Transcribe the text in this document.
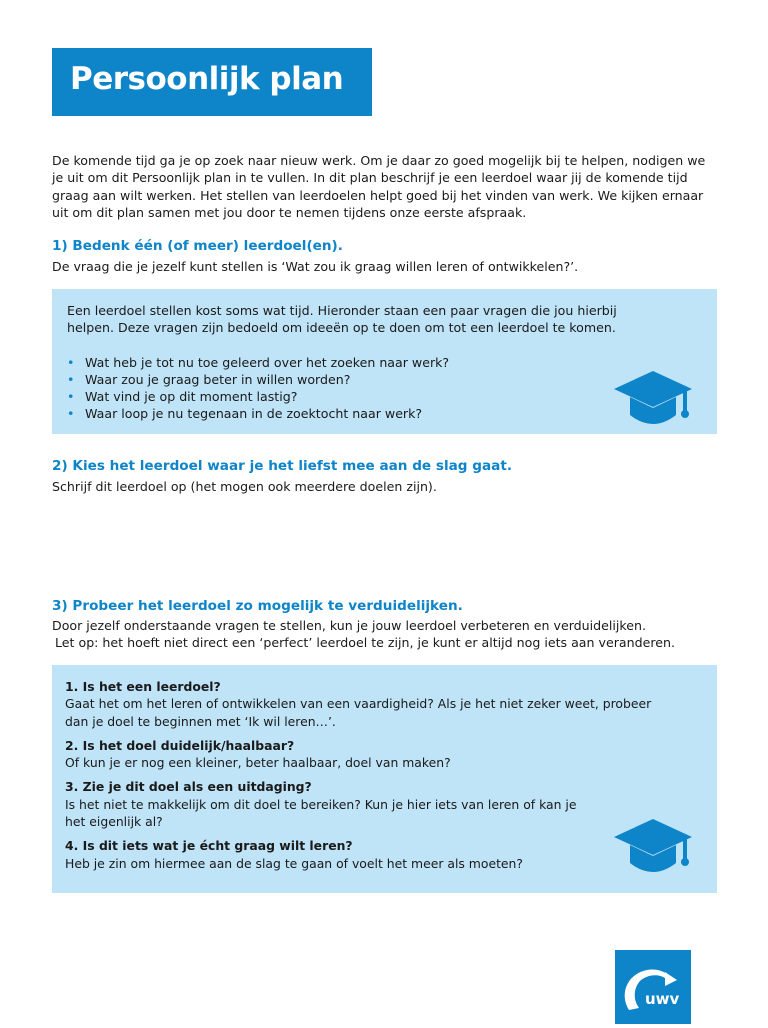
Persoonlijk plan
De komende tijd ga je op zoek naar nieuw werk. Om je daar zo goed mogelijk bij te helpen, nodigen we je uit om dit Persoonlijk plan in te vullen. In dit plan beschrijf je een leerdoel waar jij de komende tijd graag aan wilt werken. Het stellen van leerdoelen helpt goed bij het vinden van werk. We kijken ernaar uit om dit plan samen met jou door te nemen tijdens onze eerste afspraak.
1) Bedenk één (of meer) leerdoel(en).
De vraag die je jezelf kunt stellen is ‘Wat zou ik graag willen leren of ontwikkelen?’.
Een leerdoel stellen kost soms wat tijd. Hieronder staan een paar vragen die jou hierbij helpen. Deze vragen zijn bedoeld om ideeën op te doen om tot een leerdoel te komen.
• Wat heb je tot nu toe geleerd over het zoeken naar werk?
• Waar zou je graag beter in willen worden?
• Wat vind je op dit moment lastig?
• Waar loop je nu tegenaan in de zoektocht naar werk?
2) Kies het leerdoel waar je het liefst mee aan de slag gaat.
Schrijf dit leerdoel op (het mogen ook meerdere doelen zijn).
3) Probeer het leerdoel zo mogelijk te verduidelijken.
Door jezelf onderstaande vragen te stellen, kun je jouw leerdoel verbeteren en verduidelijken.
Let op: het hoeft niet direct een ‘perfect’ leerdoel te zijn, je kunt er altijd nog iets aan veranderen.
1. Is het een leerdoel?
Gaat het om het leren of ontwikkelen van een vaardigheid? Als je het niet zeker weet, probeer dan je doel te beginnen met ‘Ik wil leren…’.
2. Is het doel duidelijk/haalbaar?
Of kun je er nog een kleiner, beter haalbaar, doel van maken?
3. Zie je dit doel als een uitdaging?
Is het niet te makkelijk om dit doel te bereiken? Kun je hier iets van leren of kan je het eigenlijk al?
4. Is dit iets wat je écht graag wilt leren?
Heb je zin om hiermee aan de slag te gaan of voelt het meer als moeten?
uwv
